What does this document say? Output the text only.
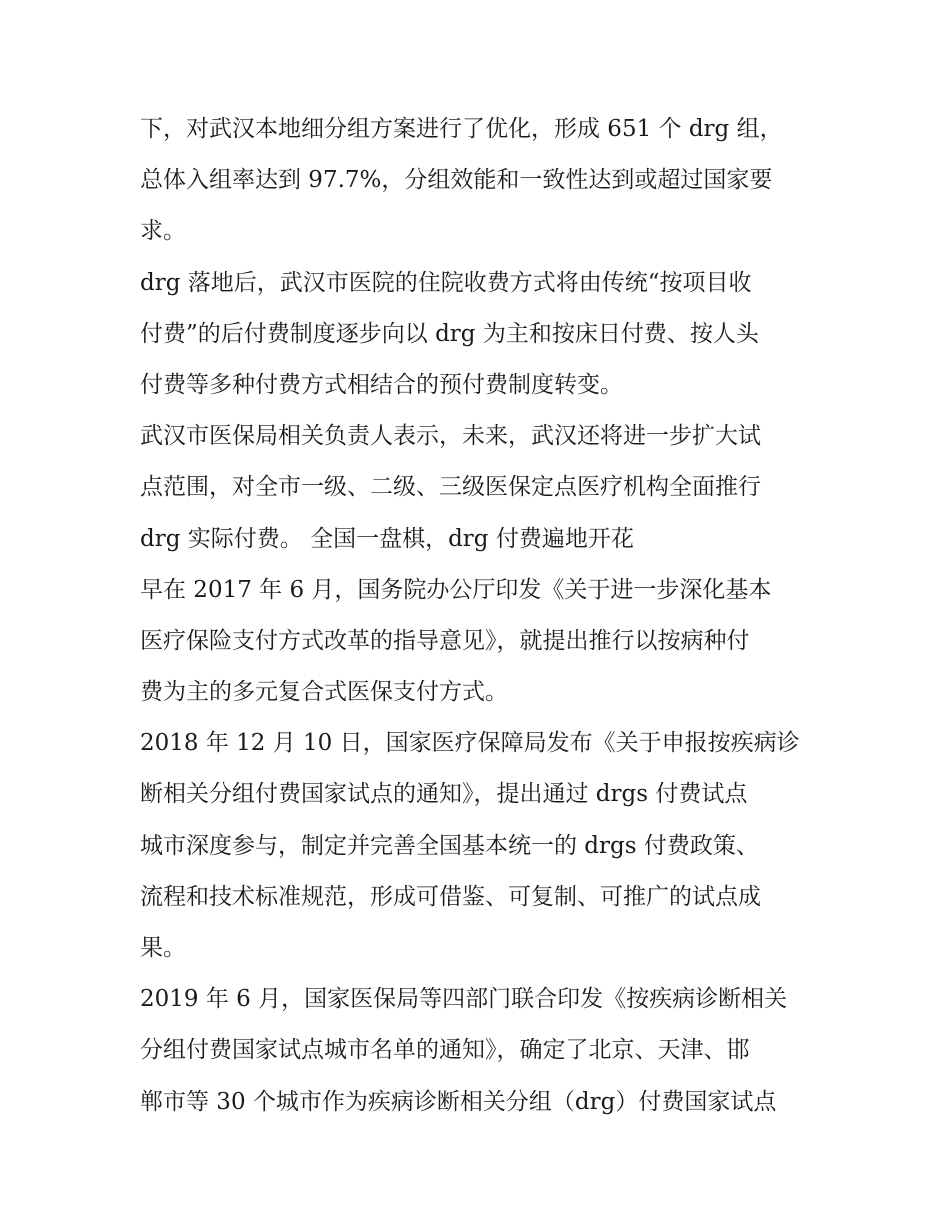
下，对武汉本地细分组方案进行了优化，形成 651 个 drg 组，
总体入组率达到 97.7%，分组效能和一致性达到或超过国家要
求。
drg 落地后，武汉市医院的住院收费方式将由传统“按项目收
付费”的后付费制度逐步向以 drg 为主和按床日付费、按人头
付费等多种付费方式相结合的预付费制度转变。
武汉市医保局相关负责人表示，未来，武汉还将进一步扩大试
点范围，对全市一级、二级、三级医保定点医疗机构全面推行
drg 实际付费。 全国一盘棋，drg 付费遍地开花
早在 2017 年 6 月，国务院办公厅印发《关于进一步深化基本
医疗保险支付方式改革的指导意见》，就提出推行以按病种付
费为主的多元复合式医保支付方式。
2018 年 12 月 10 日，国家医疗保障局发布《关于申报按疾病诊
断相关分组付费国家试点的通知》，提出通过 drgs 付费试点
城市深度参与，制定并完善全国基本统一的 drgs 付费政策、
流程和技术标准规范，形成可借鉴、可复制、可推广的试点成
果。
2019 年 6 月，国家医保局等四部门联合印发《按疾病诊断相关
分组付费国家试点城市名单的通知》，确定了北京、天津、邯
郸市等 30 个城市作为疾病诊断相关分组（drg）付费国家试点
